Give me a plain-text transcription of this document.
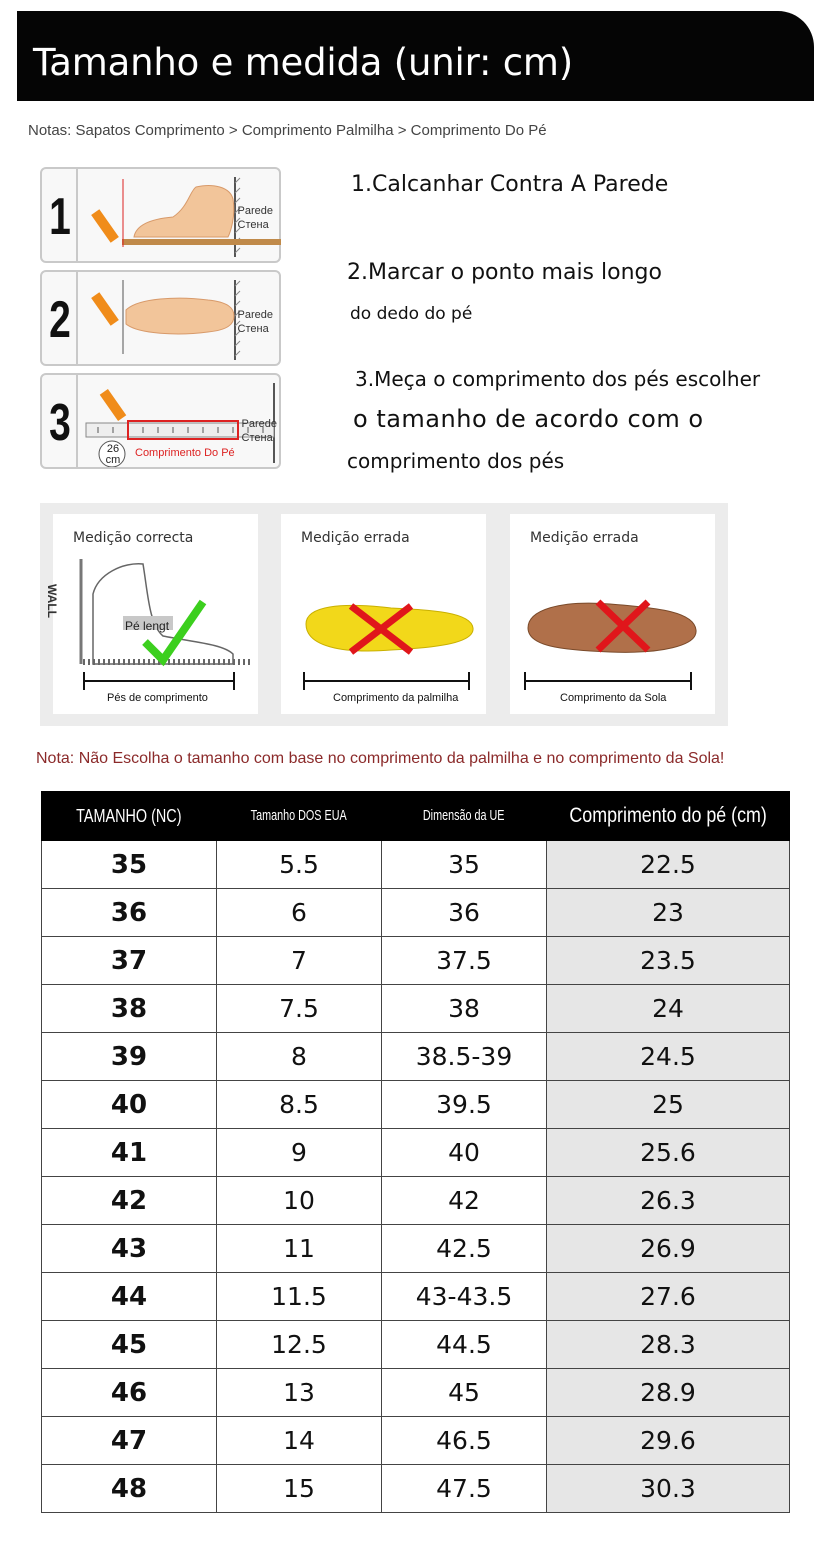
Tamanho e medida (unir: cm)
Notas: Sapatos Comprimento > Comprimento Palmilha > Comprimento Do Pé
1	Parede
Стена
2	Parede
Стена
3	Parede
Стена
26
cm
Comprimento Do Pé
1.Calcanhar Contra A Parede
2.Marcar o ponto mais longo
do dedo do pé
3.Meça o comprimento dos pés escolher
o tamanho de acordo com o
comprimento dos pés
Medição correcta
WALL
Pé lengt
Pés de comprimento
Medição errada
Comprimento da palmilha
Medição errada
Comprimento da Sola
Nota: Não Escolha o tamanho com base no comprimento da palmilha e no comprimento da Sola!
TAMANHO (NC)	Tamanho DOS EUA	Dimensão da UE	Comprimento do pé (cm)
35	5.5	35	22.5
36	6	36	23
37	7	37.5	23.5
38	7.5	38	24
39	8	38.5-39	24.5
40	8.5	39.5	25
41	9	40	25.6
42	10	42	26.3
43	11	42.5	26.9
44	11.5	43-43.5	27.6
45	12.5	44.5	28.3
46	13	45	28.9
47	14	46.5	29.6
48	15	47.5	30.3
